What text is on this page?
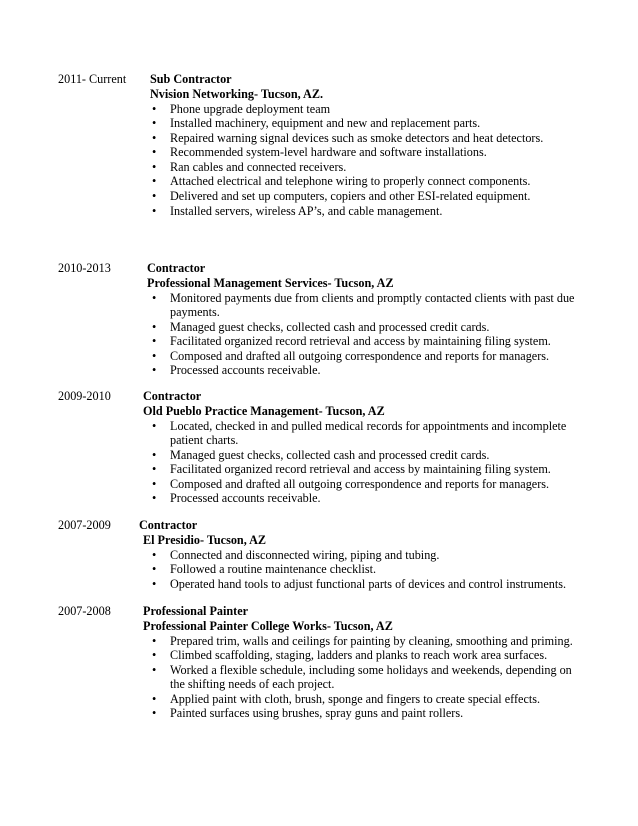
2011- Current Sub Contractor
Nvision Networking- Tucson, AZ.
• Phone upgrade deployment team
• Installed machinery, equipment and new and replacement parts.
• Repaired warning signal devices such as smoke detectors and heat detectors.
• Recommended system-level hardware and software installations.
• Ran cables and connected receivers.
• Attached electrical and telephone wiring to properly connect components.
• Delivered and set up computers, copiers and other ESI-related equipment.
• Installed servers, wireless AP’s, and cable management.
2010-2013	Contractor
Professional Management Services- Tucson, AZ
• Monitored payments due from clients and promptly contacted clients with past due payments.
• Managed guest checks, collected cash and processed credit cards.
• Facilitated organized record retrieval and access by maintaining filing system.
• Composed and drafted all outgoing correspondence and reports for managers.
• Processed accounts receivable.
2009-2010	Contractor
Old Pueblo Practice Management- Tucson, AZ
• Located, checked in and pulled medical records for appointments and incomplete patient charts.
• Managed guest checks, collected cash and processed credit cards.
• Facilitated organized record retrieval and access by maintaining filing system.
• Composed and drafted all outgoing correspondence and reports for managers.
• Processed accounts receivable.
2007-2009 Contractor
El Presidio- Tucson, AZ
• Connected and disconnected wiring, piping and tubing.
• Followed a routine maintenance checklist.
• Operated hand tools to adjust functional parts of devices and control instruments.
2007-2008	Professional Painter
Professional Painter College Works- Tucson, AZ
• Prepared trim, walls and ceilings for painting by cleaning, smoothing and priming.
• Climbed scaffolding, staging, ladders and planks to reach work area surfaces.
• Worked a flexible schedule, including some holidays and weekends, depending on the shifting needs of each project.
• Applied paint with cloth, brush, sponge and fingers to create special effects.
• Painted surfaces using brushes, spray guns and paint rollers.
